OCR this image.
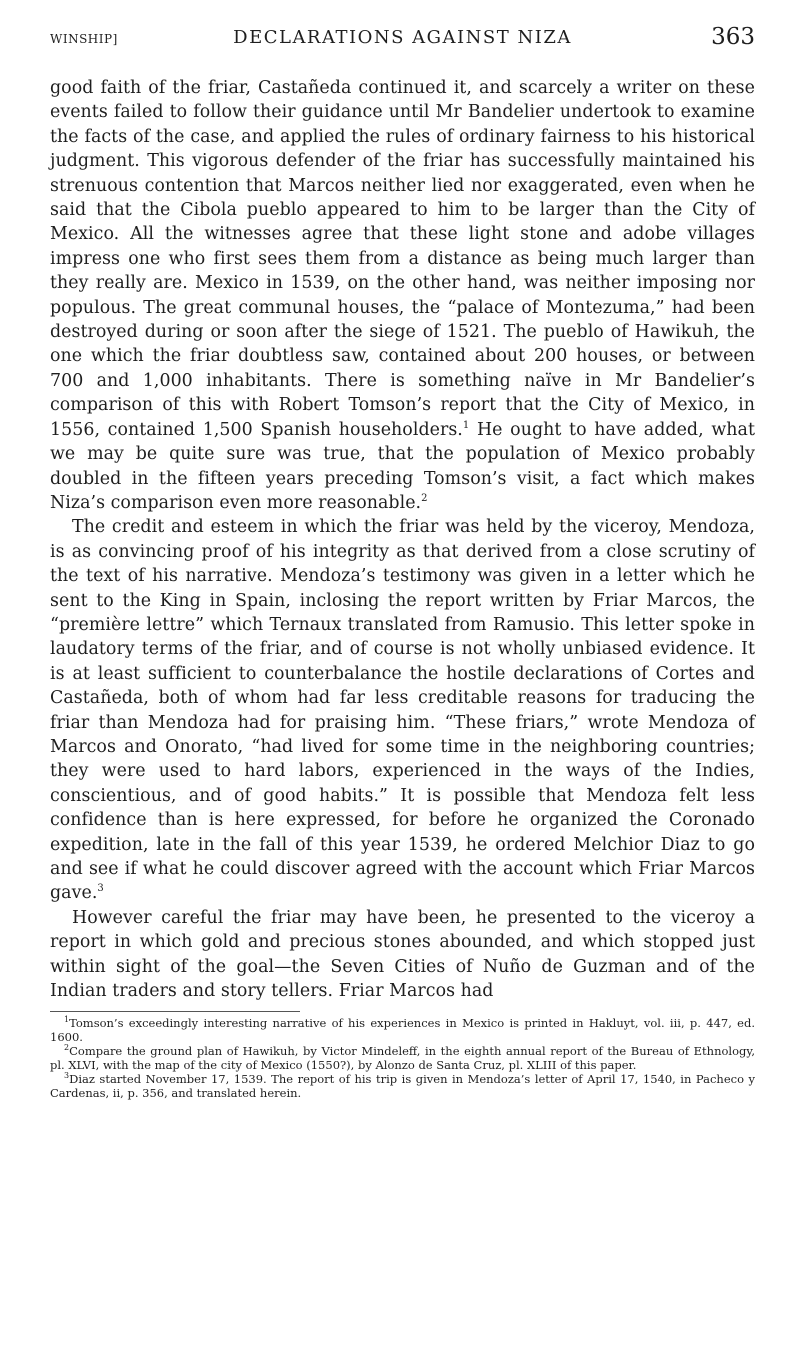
WINSHIP]	DECLARATIONS AGAINST NIZA	363

good faith of the friar, Castañeda continued it, and scarcely a writer on these events failed to follow their guidance until Mr Bandelier undertook to examine the facts of the case, and applied the rules of ordinary fairness to his historical judgment. This vigorous defender of the friar has successfully maintained his strenuous contention that Marcos neither lied nor exaggerated, even when he said that the Cibola pueblo appeared to him to be larger than the City of Mexico. All the witnesses agree that these light stone and adobe villages impress one who first sees them from a distance as being much larger than they really are. Mexico in 1539, on the other hand, was neither imposing nor populous. The great communal houses, the “palace of Montezuma,” had been destroyed during or soon after the siege of 1521. The pueblo of Hawikuh, the one which the friar doubtless saw, contained about 200 houses, or between 700 and 1,000 inhabitants. There is something naïve in Mr Bandelier’s comparison of this with Robert Tomson’s report that the City of Mexico, in 1556, contained 1,500 Spanish householders.$^1$ He ought to have added, what we may be quite sure was true, that the population of Mexico probably doubled in the fifteen years preceding Tomson’s visit, a fact which makes Niza’s comparison even more reasonable.$^2$

The credit and esteem in which the friar was held by the viceroy, Mendoza, is as convincing proof of his integrity as that derived from a close scrutiny of the text of his narrative. Mendoza’s testimony was given in a letter which he sent to the King in Spain, inclosing the report written by Friar Marcos, the “première lettre” which Ternaux translated from Ramusio. This letter spoke in laudatory terms of the friar, and of course is not wholly unbiased evidence. It is at least sufficient to counterbalance the hostile declarations of Cortes and Castañeda, both of whom had far less creditable reasons for traducing the friar than Mendoza had for praising him. “These friars,” wrote Mendoza of Marcos and Onorato, “had lived for some time in the neighboring countries; they were used to hard labors, experienced in the ways of the Indies, conscientious, and of good habits.” It is possible that Mendoza felt less confidence than is here expressed, for before he organized the Coronado expedition, late in the fall of this year 1539, he ordered Melchior Diaz to go and see if what he could discover agreed with the account which Friar Marcos gave.$^3$

However careful the friar may have been, he presented to the viceroy a report in which gold and precious stones abounded, and which stopped just within sight of the goal—the Seven Cities of Nuño de Guzman and of the Indian traders and story tellers. Friar Marcos had

$^1$Tomson’s exceedingly interesting narrative of his experiences in Mexico is printed in Hakluyt, vol. iii, p. 447, ed. 1600.

$^2$Compare the ground plan of Hawikuh, by Victor Mindeleff, in the eighth annual report of the Bureau of Ethnology, pl. XLVI, with the map of the city of Mexico (1550?), by Alonzo de Santa Cruz, pl. XLIII of this paper.

$^3$Diaz started November 17, 1539. The report of his trip is given in Mendoza’s letter of April 17, 1540, in Pacheco y Cardenas, ii, p. 356, and translated herein.
